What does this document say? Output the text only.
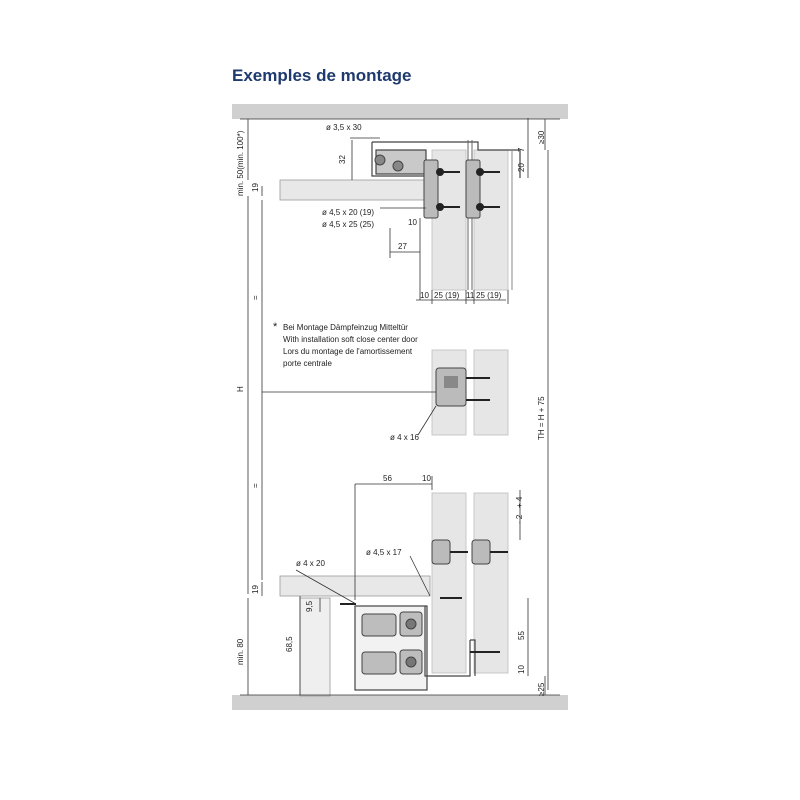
Exemples de montage
ø 3,5 x 30
32
19
ø 4,5 x 20 (19)
ø 4,5 x 25 (25)	10
27
10 25 (19) 11 25 (19)
min. 50(min. 100*)
=
H
=
19
min. 80	68,5
9,5
ø 4 x 20
ø 4,5 x 17
56	10
+ 4
- 2
55
10
≥25
≥30
7
20
TH = H + 75
ø 4 x 16
* Bei Montage Dämpfeinzug Mitteltür
With installation soft close center door
Lors du montage de l'amortissement
porte centrale
